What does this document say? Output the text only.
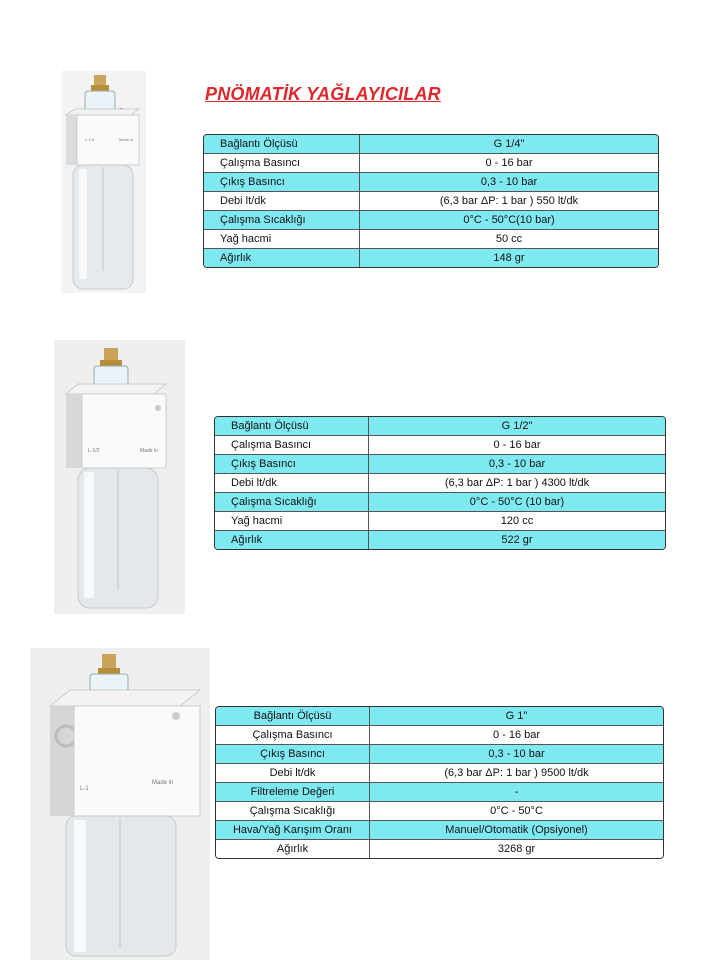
PNÖMATİK YAĞLAYICILAR
L-1/4	Made in	Bağlantı Ölçüsü	G 1/4"
Çalışma Basıncı	0 - 16 bar
Çıkış Basıncı	0,3 - 10 bar
Debi lt/dk	(6,3 bar ΔP: 1 bar ) 550 lt/dk
Çalışma Sıcaklığı	0°C - 50°C(10 bar)
Yağ hacmi	50 cc
Ağırlık	148 gr
L-1/2	Made in
Bağlantı Ölçüsü	G 1/2"
Çalışma Basıncı	0 - 16 bar
Çıkış Basıncı	0,3 - 10 bar
Debi lt/dk	(6,3 bar ΔP: 1 bar ) 4300 lt/dk
Çalışma Sıcaklığı	0°C - 50°C (10 bar)
Yağ hacmi	120 cc
Ağırlık	522 gr
L-1
Made in
Bağlantı Ölçüsü	G 1"
Çalışma Basıncı	0 - 16 bar
Çıkış Basıncı	0,3 - 10 bar
Debi lt/dk	(6,3 bar ΔP: 1 bar ) 9500 lt/dk
Filtreleme Değeri	-
Çalışma Sıcaklığı	0°C - 50°C
Hava/Yağ Karışım Oranı	Manuel/Otomatik (Opsiyonel)
Ağırlık	3268 gr
